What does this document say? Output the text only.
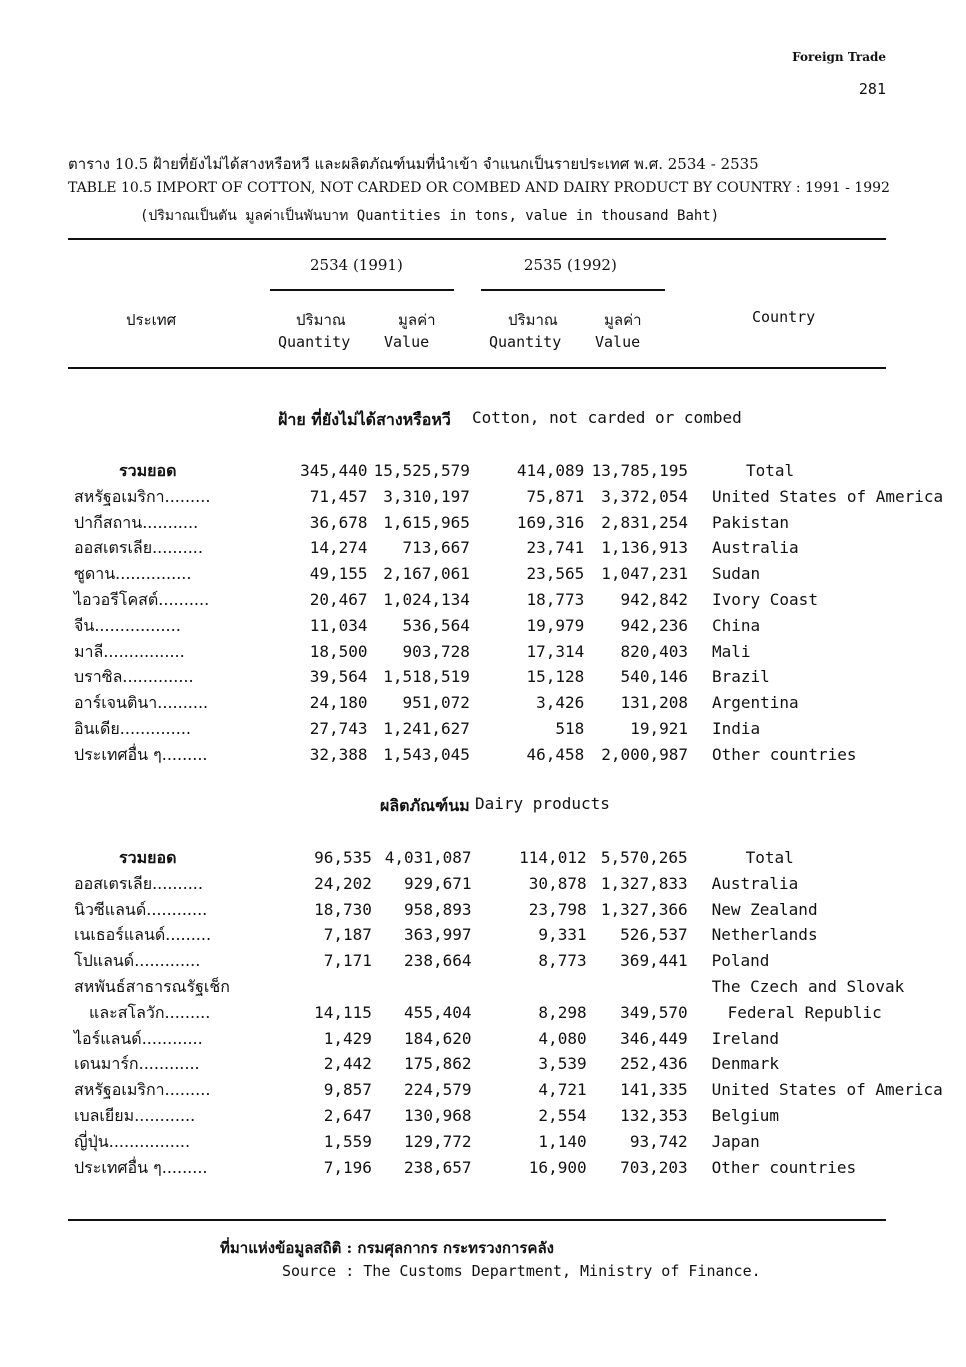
Foreign Trade
281
ตาราง 10.5 ฝ้ายที่ยังไม่ได้สางหรือหวี และผลิตภัณฑ์นมที่นำเข้า จำแนกเป็นรายประเทศ พ.ศ. 2534 - 2535
TABLE 10.5 IMPORT OF COTTON, NOT CARDED OR COMBED AND DAIRY PRODUCT BY COUNTRY : 1991 - 1992
(ปริมาณเป็นตัน มูลค่าเป็นพันบาท Quantities in tons, value in thousand Baht)
2534 (1991)	2535 (1992)
ประเทศ	ปริมาณ	มูลค่า	ปริมาณ	มูลค่า	Country
Quantity Value	Quantity Value
ฝ้าย ที่ยังไม่ได้สางหรือหวี Cotton, not carded or combed
รวมยอด	345,440	15,525,579	414,089	13,785,195	Total
สหรัฐอเมริกา.........	71,457	3,310,197	75,871	3,372,054	United States of America
ปากีสถาน...........	36,678	1,615,965	169,316	2,831,254	Pakistan
ออสเตรเลีย..........	14,274	713,667	23,741	1,136,913	Australia
ซูดาน...............	49,155	2,167,061	23,565	1,047,231	Sudan
ไอวอรีโคสต์..........	20,467	1,024,134	18,773	942,842	Ivory Coast
จีน.................	11,034	536,564	19,979	942,236	China
มาลี................	18,500	903,728	17,314	820,403	Mali
บราซิล..............	39,564	1,518,519	15,128	540,146	Brazil
อาร์เจนตินา..........	24,180	951,072	3,426	131,208	Argentina
อินเดีย..............	27,743	1,241,627	518	19,921	India
ประเทศอื่น ๆ.........	32,388	1,543,045	46,458	2,000,987	Other countries
ผลิตภัณฑ์นม Dairy products
รวมยอด	96,535	4,031,087	114,012	5,570,265	Total
ออสเตรเลีย..........	24,202	929,671	30,878	1,327,833	Australia
นิวซีแลนด์............	18,730	958,893	23,798	1,327,366	New Zealand
เนเธอร์แลนด์.........	7,187	363,997	9,331	526,537	Netherlands
โปแลนด์.............	7,171	238,664	8,773	369,441	Poland
สหพันธ์สาธารณรัฐเช็ก					The Czech and Slovak
และสโลวัก.........	14,115	455,404	8,298	349,570	Federal Republic
ไอร์แลนด์............	1,429	184,620	4,080	346,449	Ireland
เดนมาร์ก............	2,442	175,862	3,539	252,436	Denmark
สหรัฐอเมริกา.........	9,857	224,579	4,721	141,335	United States of America
เบลเยียม............	2,647	130,968	2,554	132,353	Belgium
ญี่ปุ่น................	1,559	129,772	1,140	93,742	Japan
ประเทศอื่น ๆ.........	7,196	238,657	16,900	703,203	Other countries
ที่มาแห่งข้อมูลสถิติ : กรมศุลกากร กระทรวงการคลัง
Source : The Customs Department, Ministry of Finance.
